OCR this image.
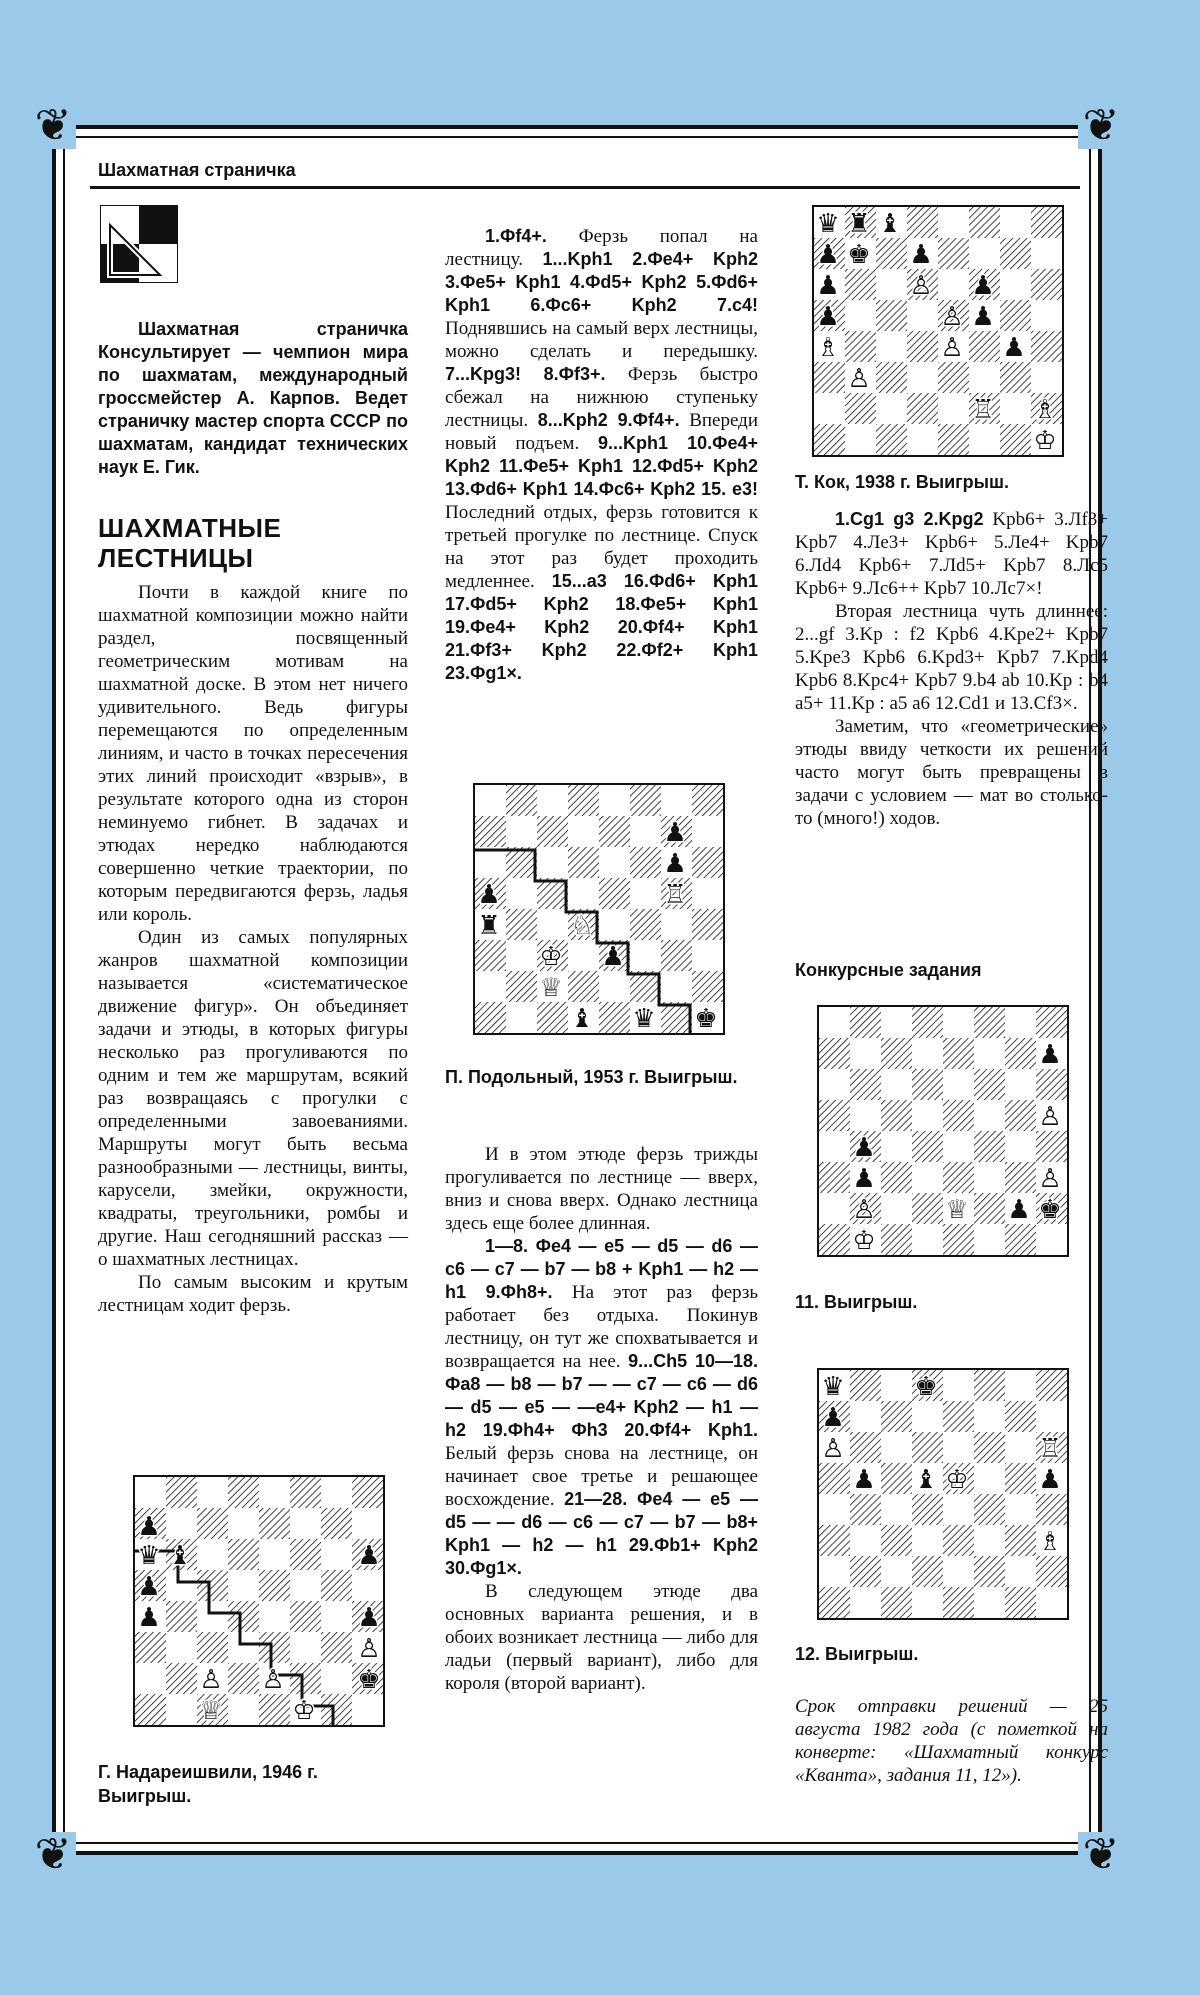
❦	❦
❦	❦
Шахматная страничка

Шахматная страничка Консультирует — чемпион мира по шахматам, международный гроссмейстер А. Карпов. Ведет страничку мастер спорта СССР по шахматам, кандидат технических наук Е. Гик.

ШАХМАТНЫЕ
ЛЕСТНИЦЫ

Почти в каждой книге по шахматной композиции можно найти раздел, посвященный геометрическим мотивам на шахматной доске. В этом нет ничего удивительного. Ведь фигуры перемещаются по определенным линиям, и часто в точках пересечения этих линий происходит «взрыв», в результате которого одна из сторон неминуемо гибнет. В задачах и этюдах нередко наблюдаются совершенно четкие траектории, по которым передвигаются ферзь, ладья или король.

Один из самых популярных жанров шахматной композиции называется «систематическое движение фигур». Он объединяет задачи и этюды, в которых фигуры несколько раз прогуливаются по одним и тем же маршрутам, всякий раз возвращаясь с прогулки с определенными завоеваниями. Маршруты могут быть весьма разнообразными — лестницы, винты, карусели, змейки, окружности, квадраты, треугольники, ромбы и другие. Наш сегодняшний рассказ — о шахматных лестницах.

По самым высоким и крутым лестницам ходит ферзь.

♟
♛ ♝
♟
♟
♟
♟
♙
♚
♙ ♙
♕	♔
Г. Надареишвили, 1946 г. Выигрыш.

1.Фf4+. Ферзь попал на лестницу. 1...Kph1 2.Фe4+ Kph2 3.Фe5+ Kph1 4.Фd5+ Kph2 5.Фd6+ Kph1 6.Фc6+ Kph2 7.c4! Поднявшись на самый верх лестницы, можно сделать и передышку. 7...Kpg3! 8.Фf3+. Ферзь быстро сбежал на нижнюю ступеньку лестницы. 8...Kph2 9.Фf4+. Впереди новый подъем. 9...Kph1 10.Фe4+ Kph2 11.Фe5+ Kph1 12.Фd5+ Kph2 13.Фd6+ Kph1 14.Фc6+ Kph2 15. e3! Последний отдых, ферзь готовится к третьей прогулке по лестнице. Спуск на этот раз будет проходить медленнее. 15...a3 16.Фd6+ Kph1 17.Фd5+ Kph2 18.Фe5+ Kph1 19.Фe4+ Kph2 20.Фf4+ Kph1 21.Фf3+ Kph2 22.Фf2+ Kph1 23.Фg1×.

♟
♟
♖
♟
♜	♘
♔ ♟
♕
♝ ♛ ♚
П. Подольный, 1953 г. Выигрыш.

И в этом этюде ферзь трижды прогуливается по лестнице — вверх, вниз и снова вверх. Однако лестница здесь еще более длинная.

1—8. Фe4 — e5 — d5 — d6 — c6 — c7 — b7 — b8 + Kph1 — h2 — h1 9.Фh8+. На этот раз ферзь работает без отдыха. Покинув лестницу, он тут же спохватывается и возвращается на нее. 9...Ch5 10—18. Фa8 — b8 — b7 — — c7 — c6 — d6 — d5 — e5 — —e4+ Kph2 — h1 — h2 19.Фh4+ Фh3 20.Фf4+ Kph1. Белый ферзь снова на лестнице, он начинает свое третье и решающее восхождение. 21—28. Фe4 — e5 — d5 — — d6 — c6 — c7 — b7 — b8+ Kph1 — h2 — h1 29.Фb1+ Kph2 30.Фg1×.

В следующем этюде два основных варианта решения, и в обоих возникает лестница — либо для ладьи (первый вариант), либо для короля (второй вариант).

♛ ♜ ♝
♟ ♚ ♟
♟	♙ ♟
♟	♙ ♟
♗	♙ ♟
♙
♖ ♗
♔
Т. Кок, 1938 г. Выигрыш.

1.Cg1 g3 2.Kpg2 Kpb6+ 3.Лf3+ Kpb7 4.Лe3+ Kpb6+ 5.Лe4+ Kpb7 6.Лd4 Kpb6+ 7.Лd5+ Kpb7 8.Лc5 Kpb6+ 9.Лc6++ Kpb7 10.Лc7×!

Вторая лестница чуть длиннее: 2...gf 3.Kp : f2 Kpb6 4.Kpe2+ Kpb7 5.Kpe3 Kpb6 6.Kpd3+ Kpb7 7.Kpd4 Kpb6 8.Kpc4+ Kpb7 9.b4 ab 10.Kp : b4 a5+ 11.Kp : a5 a6 12.Cd1 и 13.Cf3×.

Заметим, что «геометрические» этюды ввиду четкости их решений часто могут быть превращены в задачи с условием — мат во столько-то (много!) ходов.

Конкурсные задания
♟
♙
♟
♟	♙
♙	♕ ♟ ♚
♔
11. Выигрыш.
♛	♚
♟
♙	♖
♟ ♝ ♔	♟
♗
12. Выигрыш.

Срок отправки решений — 25 августа 1982 года (с пометкой на конверте: «Шахматный конкурс «Кванта», задания 11, 12»).
